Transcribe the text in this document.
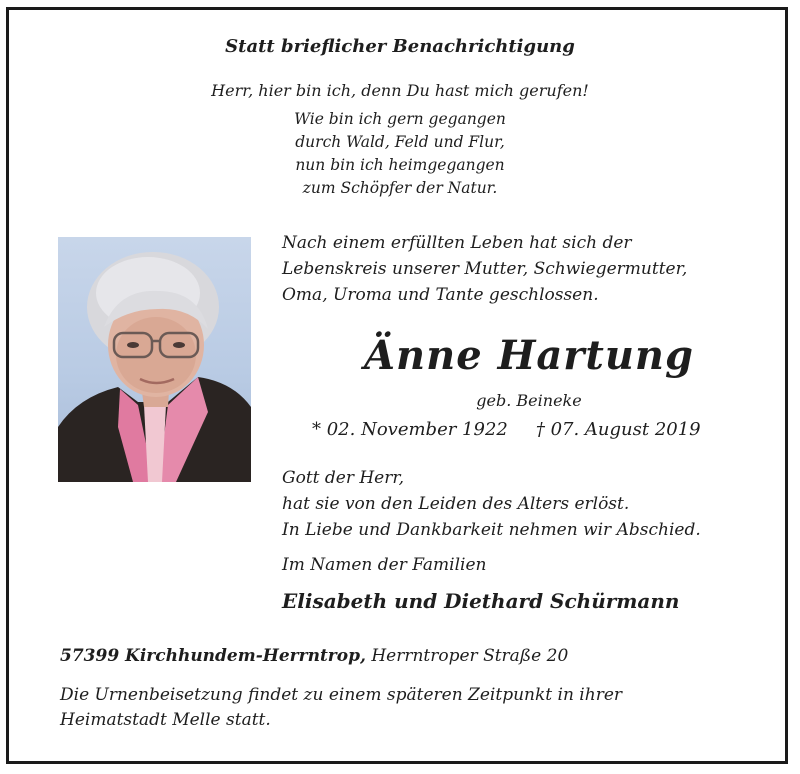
Statt brieflicher Benachrichtigung
Herr, hier bin ich, denn Du hast mich gerufen!
Wie bin ich gern gegangen
durch Wald, Feld und Flur,
nun bin ich heimgegangen
zum Schöpfer der Natur.
Nach einem erfüllten Leben hat sich der
Lebenskreis unserer Mutter, Schwiegermutter,
Oma, Uroma und Tante geschlossen.
Änne Hartung
geb. Beineke
* 02. November 1922 † 07. August 2019
Gott der Herr,
hat sie von den Leiden des Alters erlöst.
In Liebe und Dankbarkeit nehmen wir Abschied.
Im Namen der Familien
Elisabeth und Diethard Schürmann
57399 Kirchhundem-Herrntrop, Herrntroper Straße 20
Die Urnenbeisetzung findet zu einem späteren Zeitpunkt in ihrer
Heimatstadt Melle statt.
